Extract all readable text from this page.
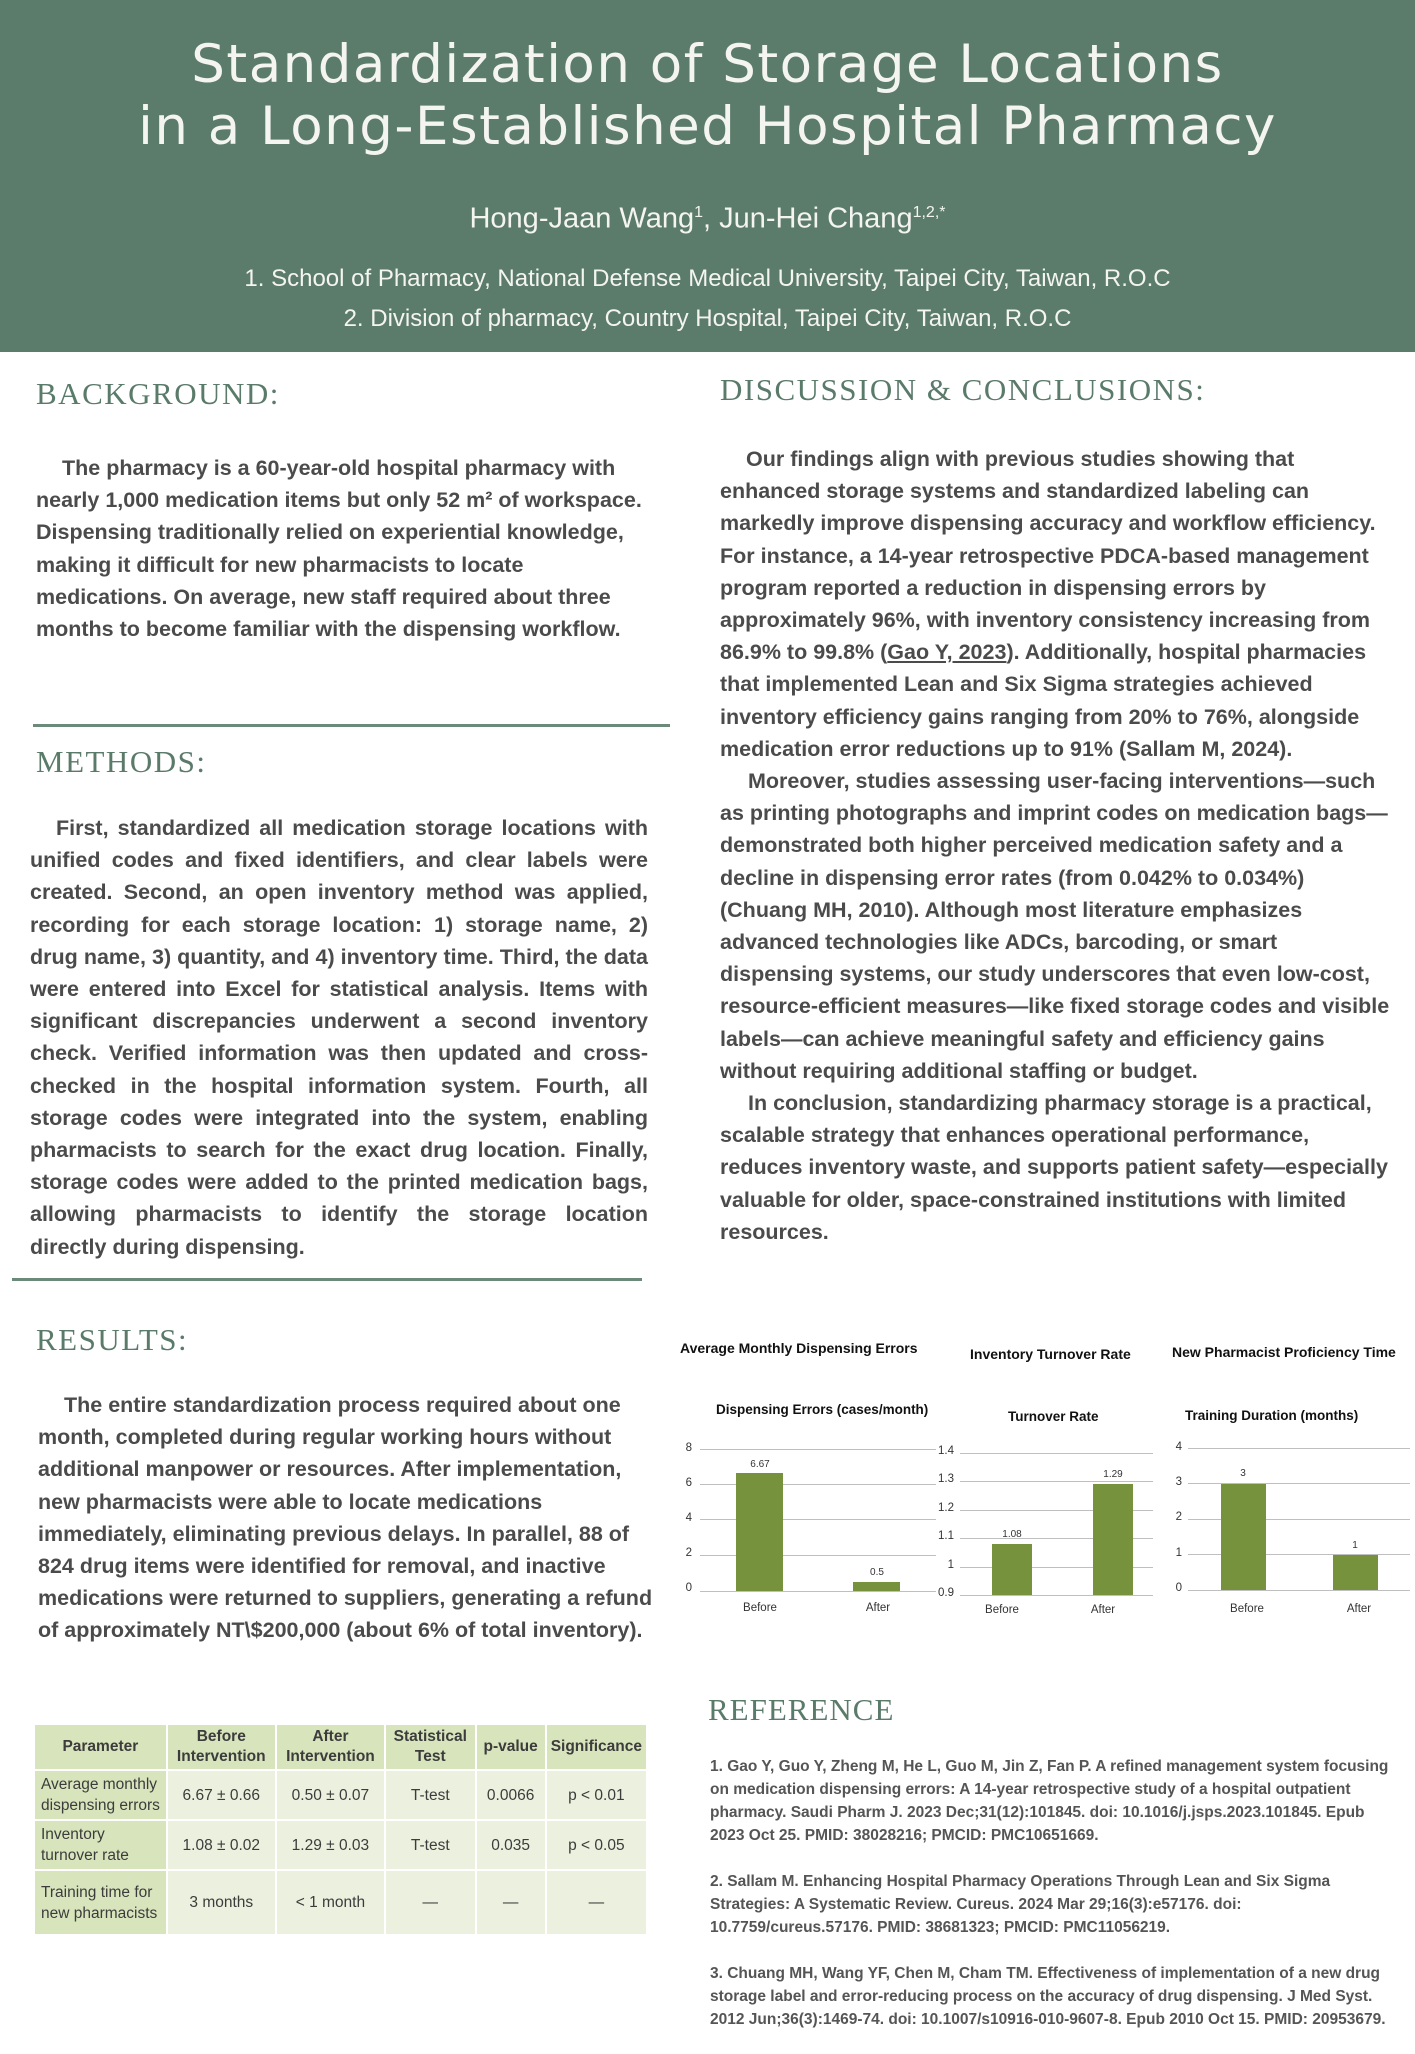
Standardization of Storage Locations
in a Long-Established Hospital Pharmacy
Hong-Jaan Wang$^1$, Jun-Hei Chang$^{1,2,*}$
1. School of Pharmacy, National Defense Medical University, Taipei City, Taiwan, R.O.C
2. Division of pharmacy, Country Hospital, Taipei City, Taiwan, R.O.C
BACKGROUND:

The pharmacy is a 60-year-old hospital pharmacy with nearly 1,000 medication items but only 52 m² of workspace. Dispensing traditionally relied on experiential knowledge, making it difficult for new pharmacists to locate medications. On average, new staff required about three months to become familiar with the dispensing workflow.

METHODS:

First, standardized all medication storage locations with unified codes and fixed identifiers, and clear labels were created. Second, an open inventory method was applied, recording for each storage location: 1) storage name, 2) drug name, 3) quantity, and 4) inventory time. Third, the data were entered into Excel for statistical analysis. Items with significant discrepancies underwent a second inventory check. Verified information was then updated and cross-checked in the hospital information system. Fourth, all storage codes were integrated into the system, enabling pharmacists to search for the exact drug location. Finally, storage codes were added to the printed medication bags, allowing pharmacists to identify the storage location directly during dispensing.

RESULTS:

The entire standardization process required about one month, completed during regular working hours without additional manpower or resources. After implementation, new pharmacists were able to locate medications immediately, eliminating previous delays. In parallel, 88 of 824 drug items were identified for removal, and inactive medications were returned to suppliers, generating a refund of approximately NT\$200,000 (about 6% of total inventory).

Parameter	Before Intervention	After Intervention	Statistical Test	p-value	Significance
Average monthly dispensing errors	6.67 ± 0.66	0.50 ± 0.07	T-test	0.0066	p < 0.01
Inventory turnover rate	1.08 ± 0.02	1.29 ± 0.03	T-test	0.035	p < 0.05
Training time for new pharmacists	3 months	< 1 month	—	—	—
DISCUSSION & CONCLUSIONS:

Our findings align with previous studies showing that enhanced storage systems and standardized labeling can markedly improve dispensing accuracy and workflow efficiency. For instance, a 14-year retrospective PDCA-based management program reported a reduction in dispensing errors by approximately 96%, with inventory consistency increasing from 86.9% to 99.8% (Gao Y, 2023). Additionally, hospital pharmacies that implemented Lean and Six Sigma strategies achieved inventory efficiency gains ranging from 20% to 76%, alongside medication error reductions up to 91% (Sallam M, 2024).

Moreover, studies assessing user-facing interventions—such as printing photographs and imprint codes on medication bags—demonstrated both higher perceived medication safety and a decline in dispensing error rates (from 0.042% to 0.034%) (Chuang MH, 2010). Although most literature emphasizes advanced technologies like ADCs, barcoding, or smart dispensing systems, our study underscores that even low-cost, resource-efficient measures—like fixed storage codes and visible labels—can achieve meaningful safety and efficiency gains without requiring additional staffing or budget.

In conclusion, standardizing pharmacy storage is a practical, scalable strategy that enhances operational performance, reduces inventory waste, and supports patient safety—especially valuable for older, space-constrained institutions with limited resources.

Average Monthly Dispensing Errors
Dispensing Errors (cases/month)
8
6
4
2
0
6.67
0.5
Before	After
Inventory Turnover Rate
Turnover Rate
1.4
1.3
1.2
1.1
1
0.9
1.08
1.29
Before	After
New Pharmacist Proficiency Time
Training Duration (months)
4
3
2
1
0
3
1
Before	After
REFERENCE
1. Gao Y, Guo Y, Zheng M, He L, Guo M, Jin Z, Fan P. A refined management system focusing on medication dispensing errors: A 14-year retrospective study of a hospital outpatient pharmacy. Saudi Pharm J. 2023 Dec;31(12):101845. doi: 10.1016/j.jsps.2023.101845. Epub 2023 Oct 25. PMID: 38028216; PMCID: PMC10651669.
2. Sallam M. Enhancing Hospital Pharmacy Operations Through Lean and Six Sigma Strategies: A Systematic Review. Cureus. 2024 Mar 29;16(3):e57176. doi: 10.7759/cureus.57176. PMID: 38681323; PMCID: PMC11056219.
3. Chuang MH, Wang YF, Chen M, Cham TM. Effectiveness of implementation of a new drug storage label and error-reducing process on the accuracy of drug dispensing. J Med Syst. 2012 Jun;36(3):1469-74. doi: 10.1007/s10916-010-9607-8. Epub 2010 Oct 15. PMID: 20953679.
